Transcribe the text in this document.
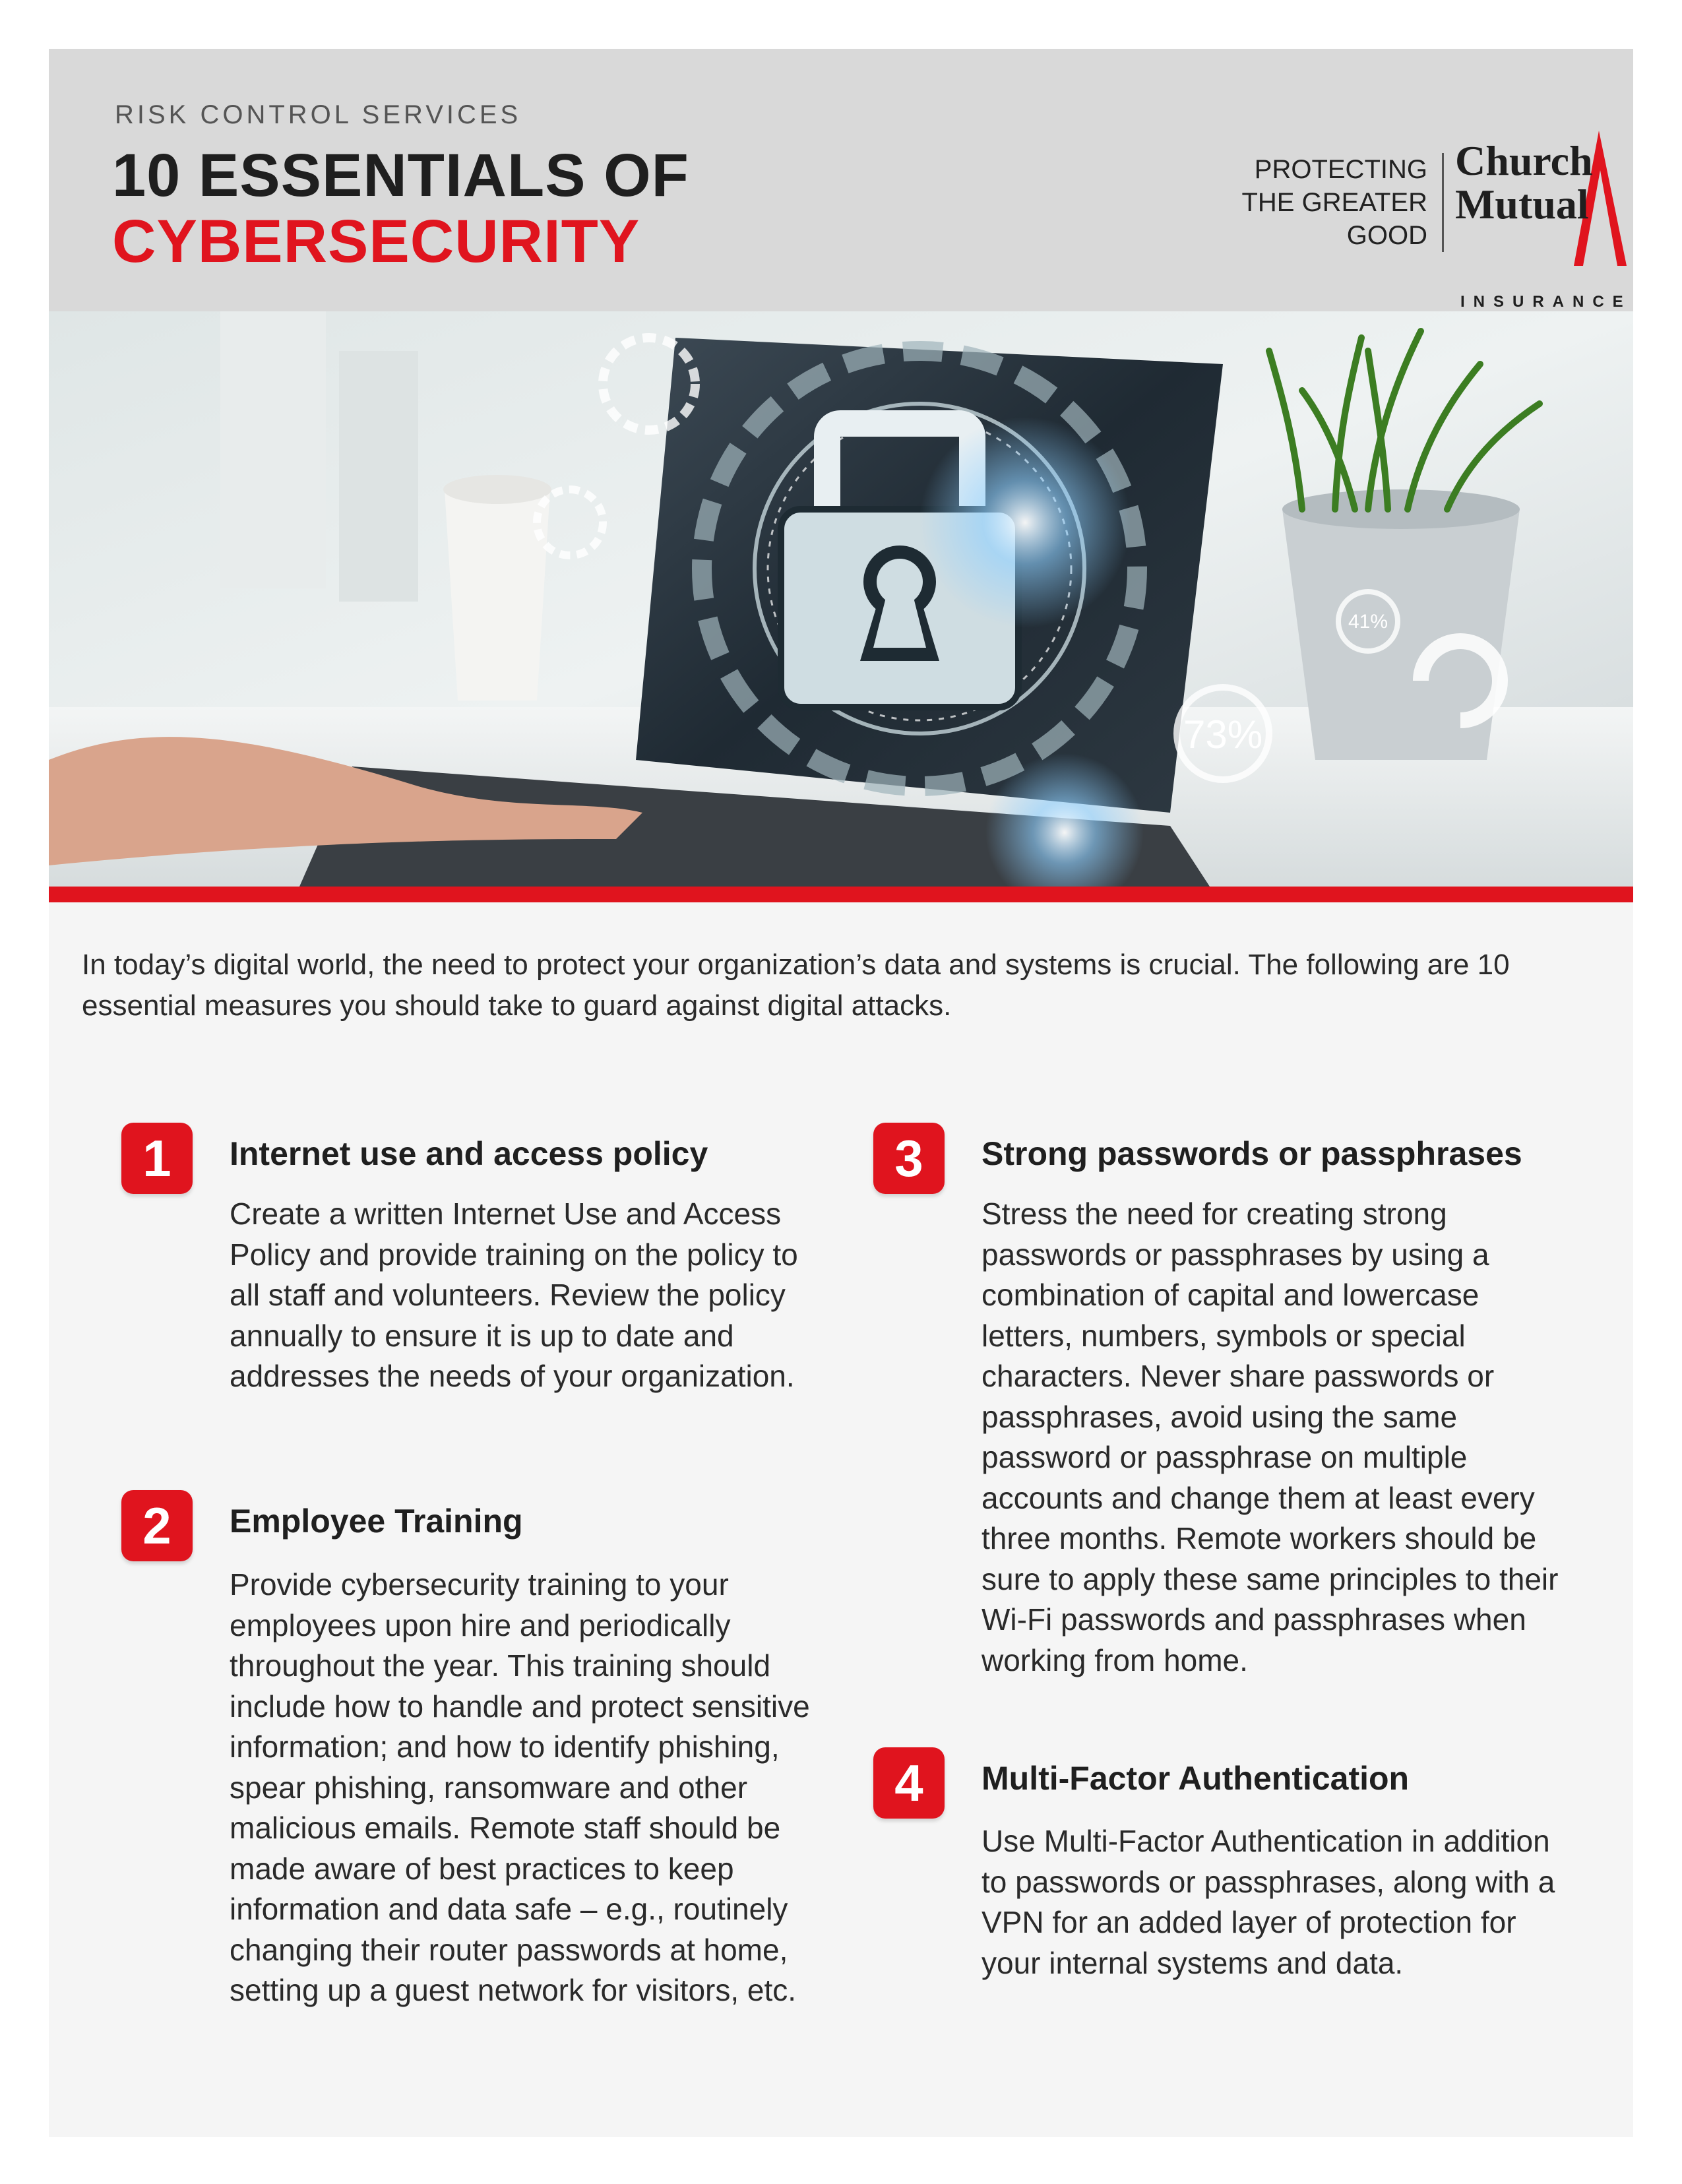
RISK CONTROL SERVICES
10 ESSENTIALS OF
CYBERSECURITY
PROTECTING
THE GREATER
GOOD
Church
Mutual
INSURANCE
73%
41%
In today’s digital world, the need to protect your organization’s data and systems is crucial. The following are 10 essential measures you should take to guard against digital attacks.
1	Internet use and access policy
Create a written Internet Use and Access Policy and provide training on the policy to all staff and volunteers. Review the policy annually to ensure it is up to date and addresses the needs of your organization.
2	Employee Training
Provide cybersecurity training to your employees upon hire and periodically throughout the year. This training should include how to handle and protect sensitive information; and how to identify phishing, spear phishing, ransomware and other malicious emails. Remote staff should be made aware of best practices to keep information and data safe – e.g., routinely changing their router passwords at home, setting up a guest network for visitors, etc.
3	Strong passwords or passphrases
Stress the need for creating strong passwords or passphrases by using a combination of capital and lowercase letters, numbers, symbols or special characters. Never share passwords or passphrases, avoid using the same password or passphrase on multiple accounts and change them at least every three months. Remote workers should be sure to apply these same principles to their Wi-Fi passwords and passphrases when working from home.
4	Multi-Factor Authentication
Use Multi-Factor Authentication in addition to passwords or passphrases, along with a VPN for an added layer of protection for your internal systems and data.
